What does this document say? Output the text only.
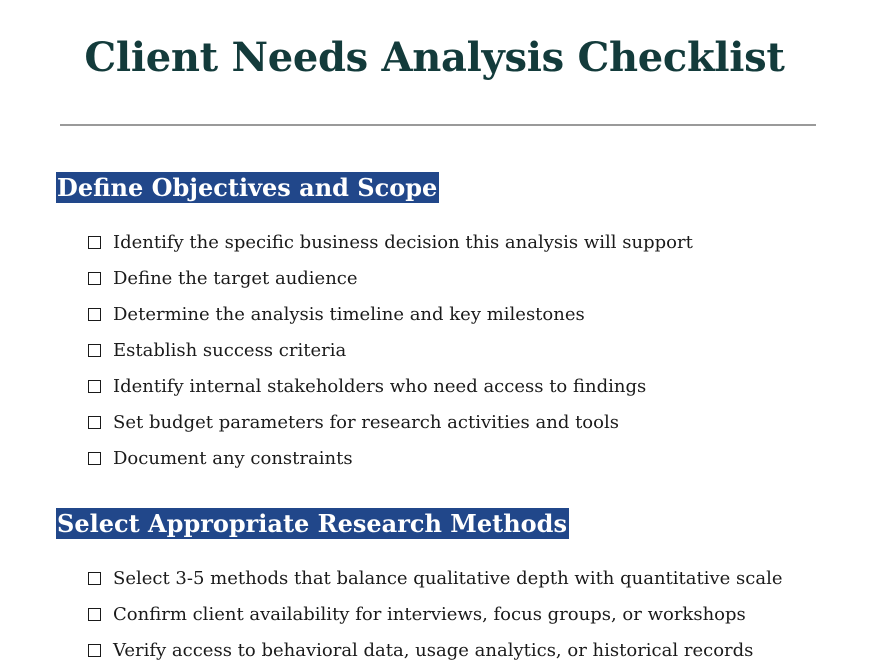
Client Needs Analysis Checklist
Define Objectives and Scope
Identify the specific business decision this analysis will support
Define the target audience
Determine the analysis timeline and key milestones
Establish success criteria
Identify internal stakeholders who need access to findings
Set budget parameters for research activities and tools
Document any constraints
Select Appropriate Research Methods
Select 3-5 methods that balance qualitative depth with quantitative scale
Confirm client availability for interviews, focus groups, or workshops
Verify access to behavioral data, usage analytics, or historical records
